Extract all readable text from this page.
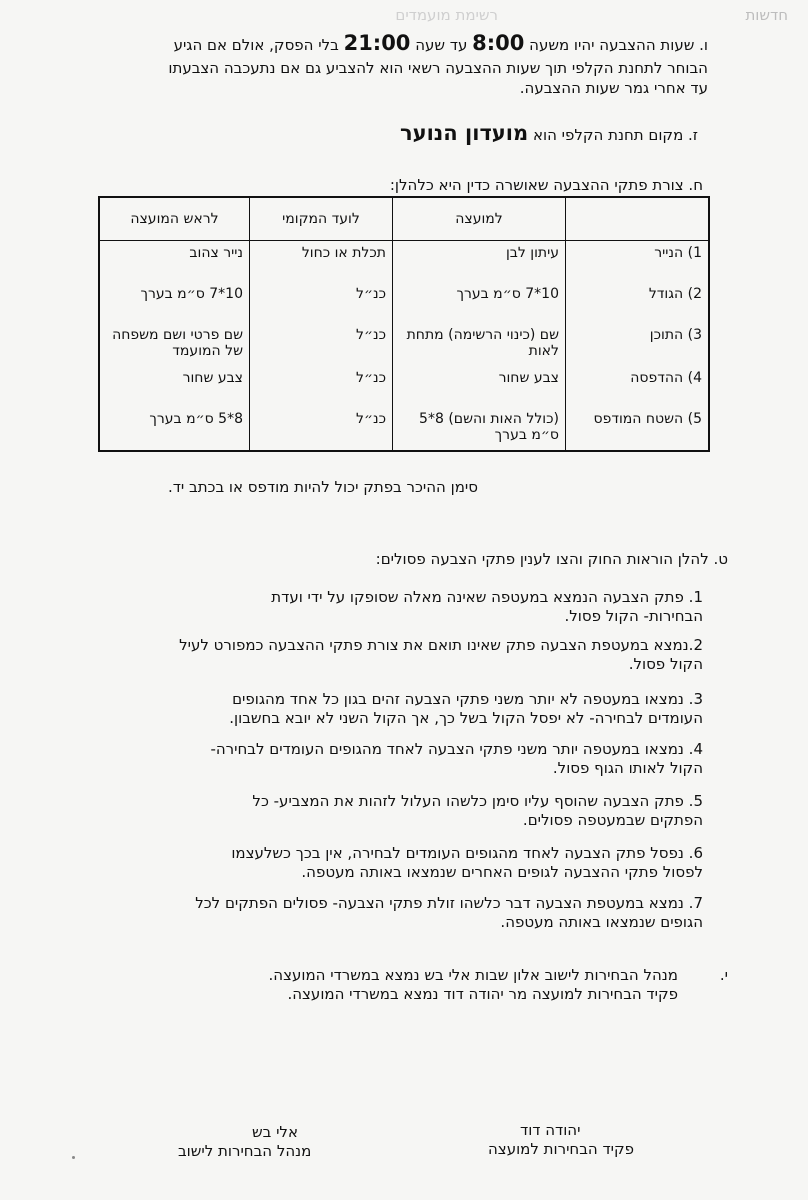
חדשות
רשימת מועמדים
ו. שעות ההצבעה יהיו משעה 8:00 עד שעה 21:00 בלי הפסק, אולם אם הגיע
הבוחר לתחנת הקלפי תוך שעות ההצבעה רשאי הוא להצביע גם אם נתעכבה הצבעתו
עד אחרי גמר שעות ההצבעה.
ז. מקום תחנת הקלפי הוא מועדון הנוער
ח. צורת פתקי ההצבעה שאושרה כדין היא כלהלן:
	למועצה	לועד המקומי	לראש המועצה
1) הנייר	עיתון לבן	תכלת או כחול	נייר צהוב
2) הגודל	10*7 ס״מ בערך	כנ״ל	10*7 ס״מ בערך
3) התוכן	שם (כינוי הרשימה) מתחת לאות	כנ״ל	שם פרטי ושם משפחה של המועמד
4) ההדפסה	צבע שחור	כנ״ל	צבע שחור
5) השטח המודפס	(כולל האות והשם) 8*5 ס״מ בערך	כנ״ל	8*5 ס״מ בערך
סימן ההיכר בפתק יכול להיות מודפס או בכתב יד.
ט. להלן הוראות החוק והצו לענין פתקי הצבעה פסולים:
1. פתק הצבעה הנמצא במעטפה שאינה מאלה שסופקו על ידי ועדת
הבחירות- הקול פסול.
2.נמצא במעטפת הצבעה פתק שאינו תואם את צורת פתקי ההצבעה כמפורט לעיל
הקול פסול.
3. נמצאו במעטפה לא יותר משני פתקי הצבעה זהים בגון כל אחד מהגופים
העומדים לבחירה- לא יפסל הקול בשל כך, אך הקול השני לא יובא בחשבון.
4. נמצאו במעטפה יותר משני פתקי הצבעה לאחד מהגופים העומדים לבחירה-
הקול לאותו הגוף פסול.
5. פתק הצבעה שהוסף עליו סימן כלשהו העלול לזהות את המצביע- כל
הפתקים שבמעטפה פסולים.
6. נפסל פתק הצבעה לאחד מהגופים העומדים לבחירה, אין בכך כשלעצמו
לפסול פתקי ההצבעה לגופים האחרים שנמצאו באותה מעטפה.
7. נמצא במעטפת הצבעה דבר כלשהו זולת פתקי הצבעה- פסולים הפתקים לכל
הגופים שנמצאו באותה מעטפה.
י.
מנהל הבחירות לישוב אלון שבות אלי בש נמצא במשרדי המועצה.
פקיד הבחירות למועצה מר יהודה דוד נמצא במשרדי המועצה.
יהודה דוד
פקיד הבחירות למועצה
אלי בש
מנהל הבחירות לישוב
